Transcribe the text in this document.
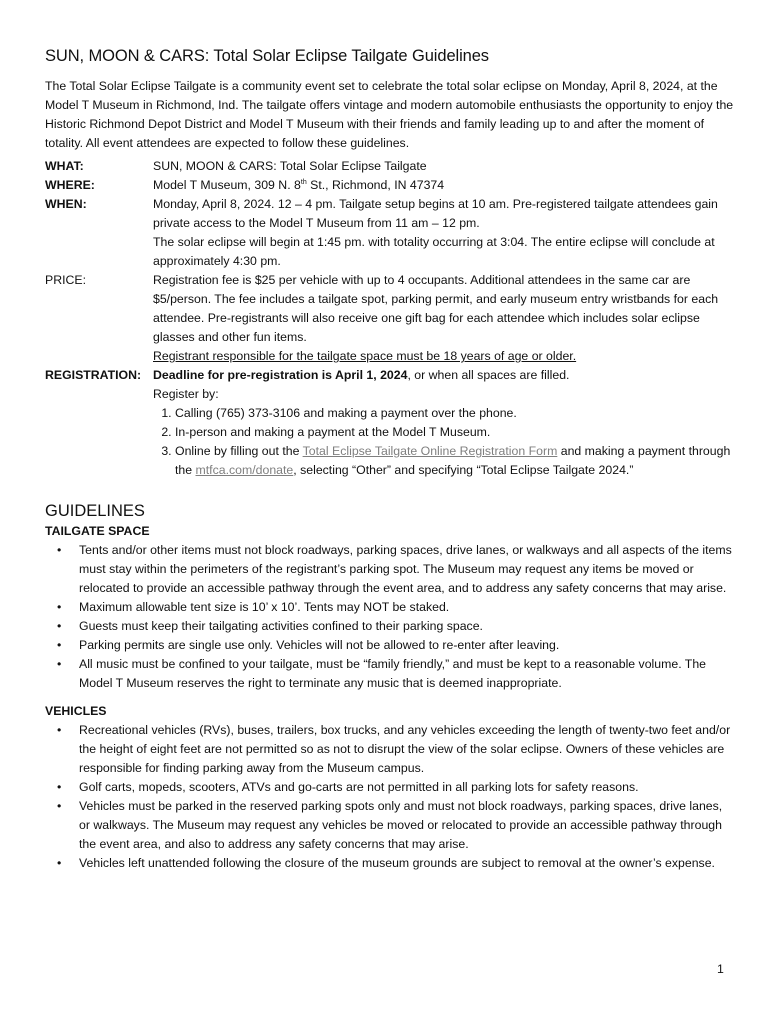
SUN, MOON & CARS: Total Solar Eclipse Tailgate Guidelines

The Total Solar Eclipse Tailgate is a community event set to celebrate the total solar eclipse on Monday, April 8, 2024, at the Model T Museum in Richmond, Ind. The tailgate offers vintage and modern automobile enthusiasts the opportunity to enjoy the Historic Richmond Depot District and Model T Museum with their friends and family leading up to and after the moment of totality. All event attendees are expected to follow these guidelines.

WHAT:	SUN, MOON & CARS: Total Solar Eclipse Tailgate
WHERE:	Model T Museum, 309 N. 8th St., Richmond, IN 47374
WHEN:	Monday, April 8, 2024. 12 – 4 pm. Tailgate setup begins at 10 am. Pre-registered tailgate attendees gain private access to the Model T Museum from 11 am – 12 pm.
The solar eclipse will begin at 1:45 pm. with totality occurring at 3:04. The entire eclipse will conclude at approximately 4:30 pm.
PRICE:	Registration fee is $25 per vehicle with up to 4 occupants. Additional attendees in the same car are $5/person. The fee includes a tailgate spot, parking permit, and early museum entry wristbands for each attendee. Pre-registrants will also receive one gift bag for each attendee which includes solar eclipse glasses and other fun items.
Registrant responsible for the tailgate space must be 18 years of age or older.
REGISTRATION: Deadline for pre-registration is April 1, 2024, or when all spaces are filled.
Register by:
1. Calling (765) 373-3106 and making a payment over the phone.
2. In-person and making a payment at the Model T Museum.
3. Online by filling out the Total Eclipse Tailgate Online Registration Form and making a payment through the mtfca.com/donate, selecting “Other” and specifying “Total Eclipse Tailgate 2024.”
GUIDELINES
TAILGATE SPACE
• Tents and/or other items must not block roadways, parking spaces, drive lanes, or walkways and all aspects of the items must stay within the perimeters of the registrant’s parking spot. The Museum may request any items be moved or relocated to provide an accessible pathway through the event area, and to address any safety concerns that may arise.
• Maximum allowable tent size is 10’ x 10’. Tents may NOT be staked.
• Guests must keep their tailgating activities confined to their parking space.
• Parking permits are single use only. Vehicles will not be allowed to re-enter after leaving.
• All music must be confined to your tailgate, must be “family friendly,” and must be kept to a reasonable volume. The Model T Museum reserves the right to terminate any music that is deemed inappropriate.
VEHICLES
• Recreational vehicles (RVs), buses, trailers, box trucks, and any vehicles exceeding the length of twenty-two feet and/or the height of eight feet are not permitted so as not to disrupt the view of the solar eclipse. Owners of these vehicles are responsible for finding parking away from the Museum campus.
• Golf carts, mopeds, scooters, ATVs and go-carts are not permitted in all parking lots for safety reasons.
• Vehicles must be parked in the reserved parking spots only and must not block roadways, parking spaces, drive lanes, or walkways. The Museum may request any vehicles be moved or relocated to provide an accessible pathway through the event area, and also to address any safety concerns that may arise.
• Vehicles left unattended following the closure of the museum grounds are subject to removal at the owner’s expense.
1
